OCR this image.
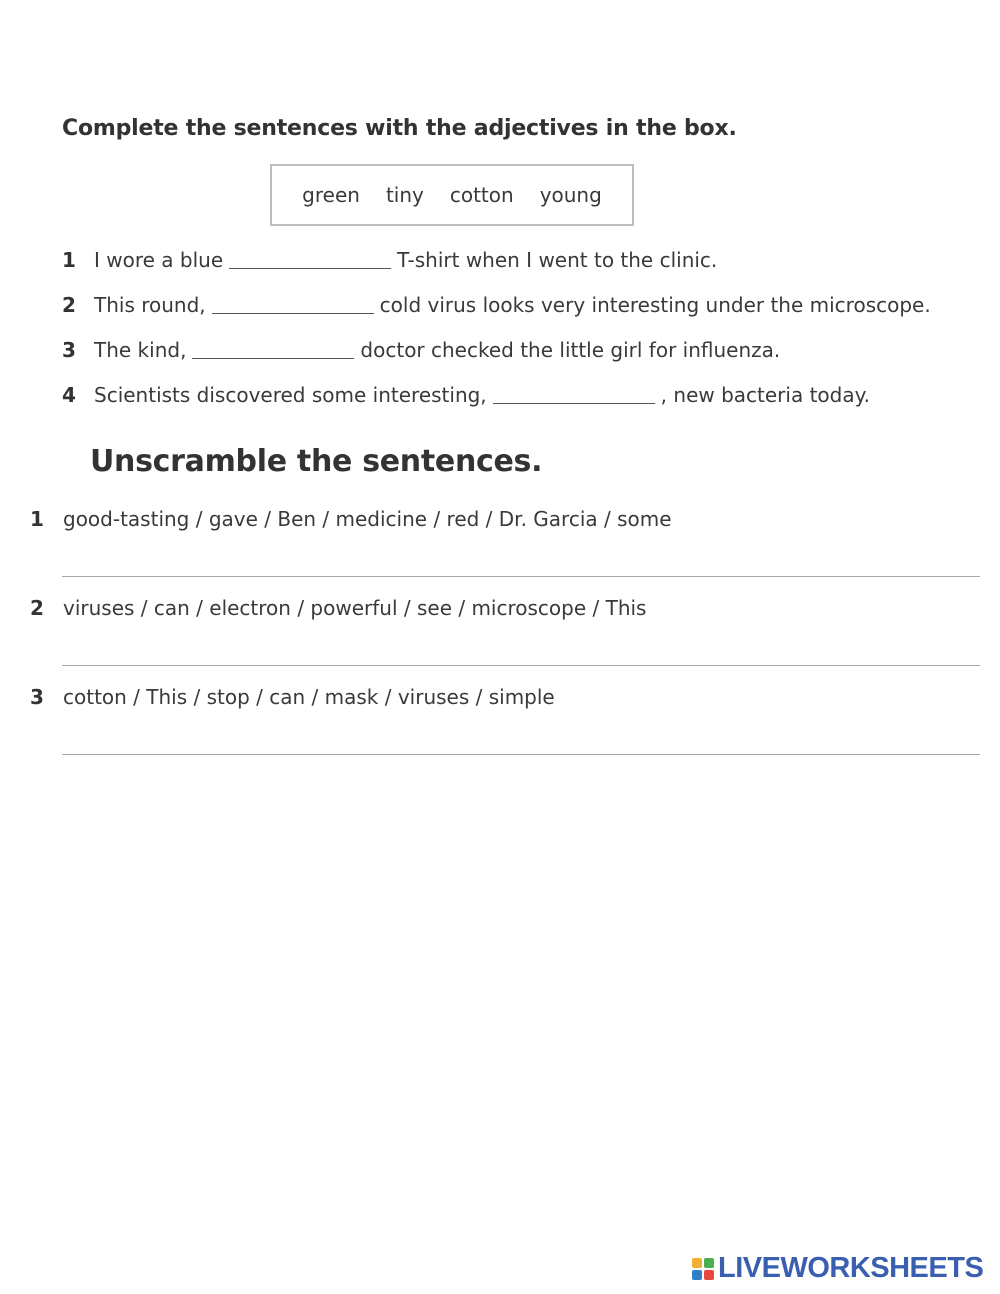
Complete the sentences with the adjectives in the box.
green tiny cotton young
1 I wore a blue	T-shirt when I went to the clinic.
2 This round,	cold virus looks very interesting under the microscope.
3 The kind,	doctor checked the little girl for influenza.
4 Scientists discovered some interesting,	, new bacteria today.
Unscramble the sentences.
1 good-tasting / gave / Ben / medicine / red / Dr. Garcia / some
2 viruses / can / electron / powerful / see / microscope / This
3 cotton / This / stop / can / mask / viruses / simple
LIVEWORKSHEETS
